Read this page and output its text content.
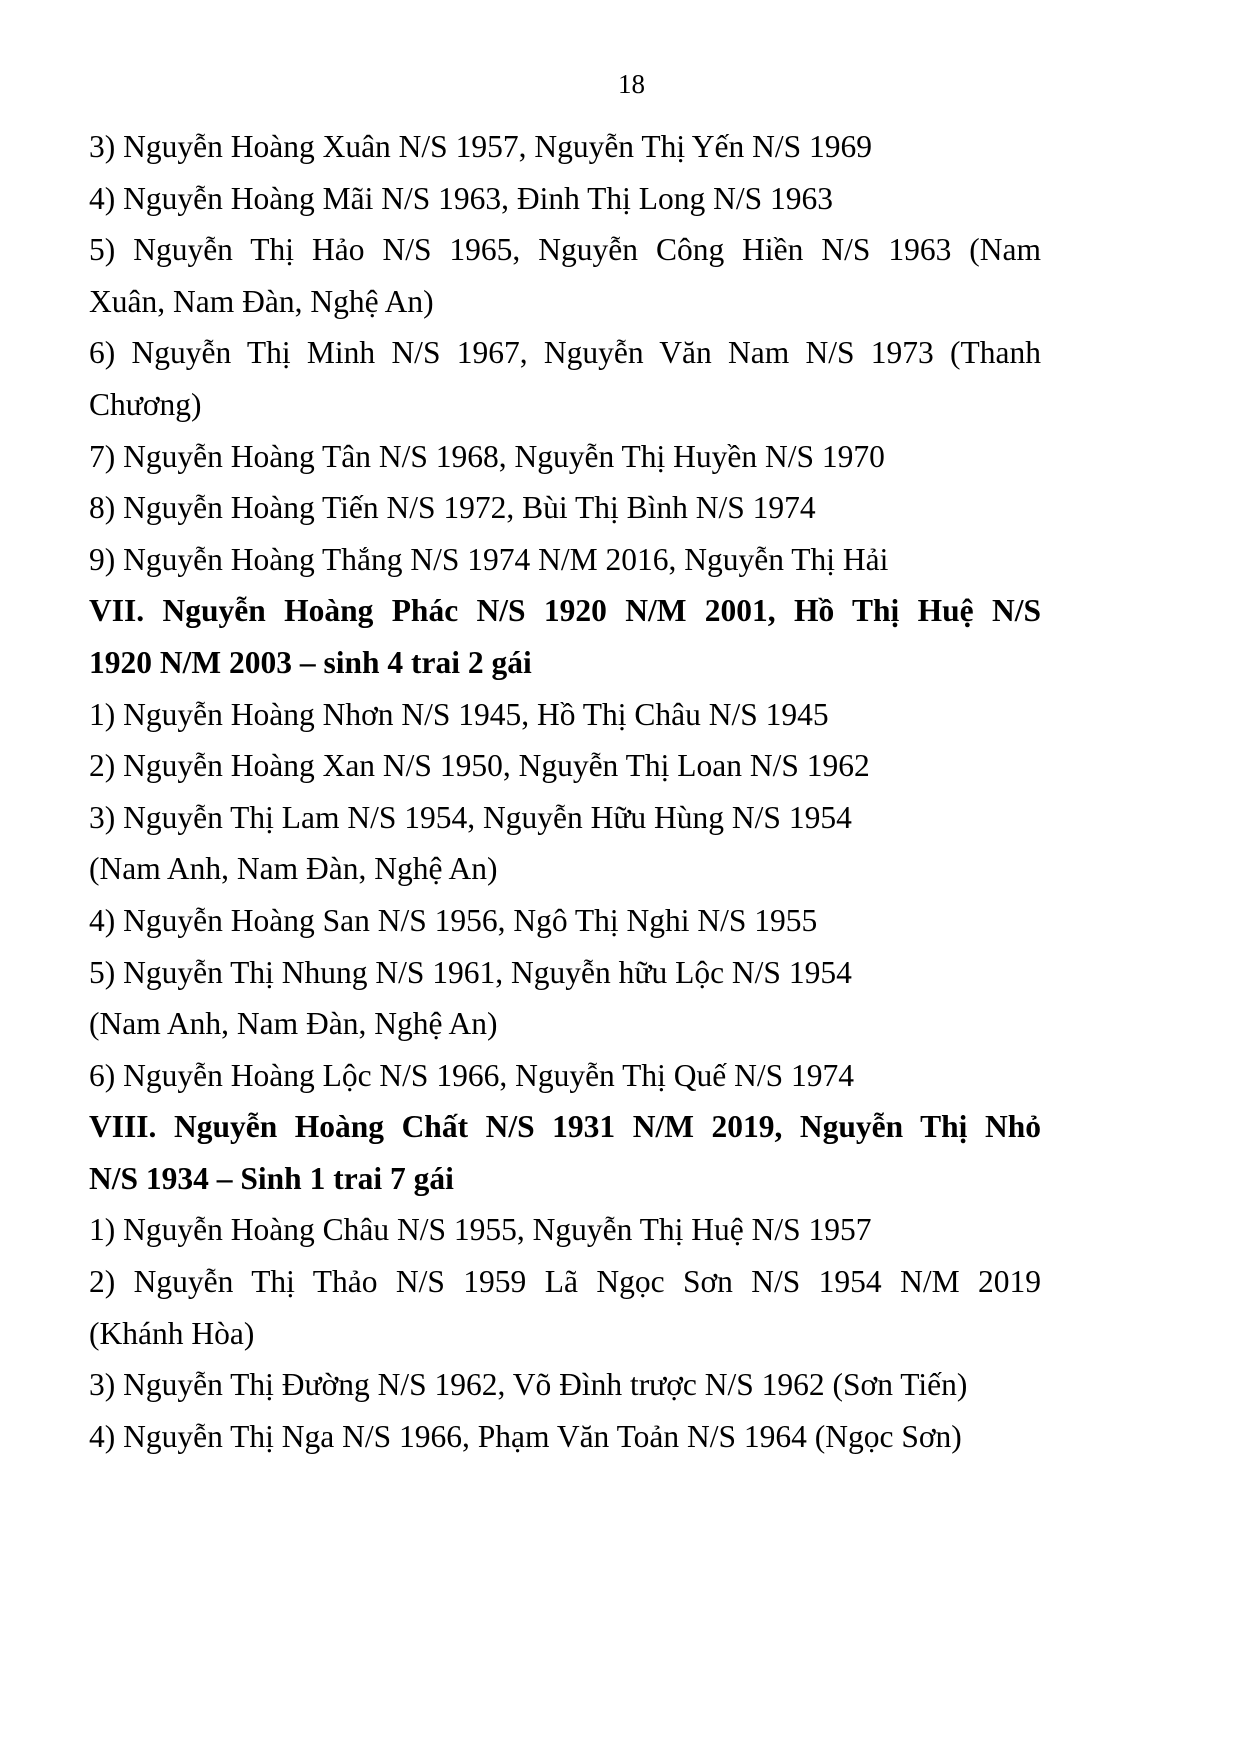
18
3) Nguyễn Hoàng Xuân N/S 1957, Nguyễn Thị Yến N/S 1969
4) Nguyễn Hoàng Mãi N/S 1963, Đinh Thị Long N/S 1963
5) Nguyễn Thị Hảo N/S 1965, Nguyễn Công Hiền N/S 1963 (Nam
Xuân, Nam Đàn, Nghệ An)
6) Nguyễn Thị Minh N/S 1967, Nguyễn Văn Nam N/S 1973 (Thanh
Chương)
7) Nguyễn Hoàng Tân N/S 1968, Nguyễn Thị Huyền N/S 1970
8) Nguyễn Hoàng Tiến N/S 1972, Bùi Thị Bình N/S 1974
9) Nguyễn Hoàng Thắng N/S 1974 N/M 2016, Nguyễn Thị Hải
VII. Nguyễn Hoàng Phác N/S 1920 N/M 2001, Hồ Thị Huệ N/S
1920 N/M 2003 – sinh 4 trai 2 gái
1) Nguyễn Hoàng Nhơn N/S 1945, Hồ Thị Châu N/S 1945
2) Nguyễn Hoàng Xan N/S 1950, Nguyễn Thị Loan N/S 1962
3) Nguyễn Thị Lam N/S 1954, Nguyễn Hữu Hùng N/S 1954
(Nam Anh, Nam Đàn, Nghệ An)
4) Nguyễn Hoàng San N/S 1956, Ngô Thị Nghi N/S 1955
5) Nguyễn Thị Nhung N/S 1961, Nguyễn hữu Lộc N/S 1954
(Nam Anh, Nam Đàn, Nghệ An)
6) Nguyễn Hoàng Lộc N/S 1966, Nguyễn Thị Quế N/S 1974
VIII. Nguyễn Hoàng Chất N/S 1931 N/M 2019, Nguyễn Thị Nhỏ
N/S 1934 – Sinh 1 trai 7 gái
1) Nguyễn Hoàng Châu N/S 1955, Nguyễn Thị Huệ N/S 1957
2) Nguyễn Thị Thảo N/S 1959 Lã Ngọc Sơn N/S 1954 N/M 2019
(Khánh Hòa)
3) Nguyễn Thị Đường N/S 1962, Võ Đình trược N/S 1962 (Sơn Tiến)
4) Nguyễn Thị Nga N/S 1966, Phạm Văn Toản N/S 1964 (Ngọc Sơn)
